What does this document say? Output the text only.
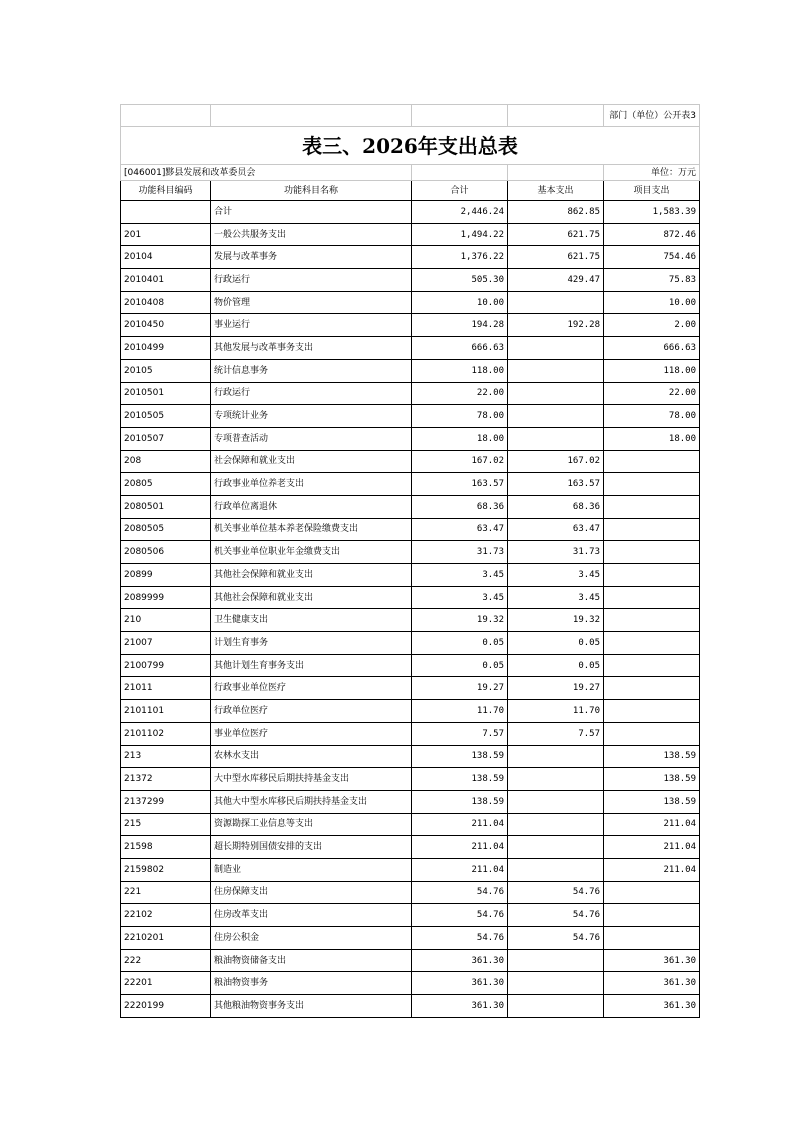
				部门（单位）公开表3
表三、2026年支出总表				
[046001]黟县发展和改革委员会				单位：万元
功能科目编码	功能科目名称	合计	基本支出	项目支出
	合计	2,446.24	862.85	1,583.39
201	一般公共服务支出	1,494.22	621.75	872.46
20104	发展与改革事务	1,376.22	621.75	754.46
2010401	行政运行	505.30	429.47	75.83
2010408	物价管理	10.00		10.00
2010450	事业运行	194.28	192.28	2.00
2010499	其他发展与改革事务支出	666.63		666.63
20105	统计信息事务	118.00		118.00
2010501	行政运行	22.00		22.00
2010505	专项统计业务	78.00		78.00
2010507	专项普查活动	18.00		18.00
208	社会保障和就业支出	167.02	167.02	
20805	行政事业单位养老支出	163.57	163.57	
2080501	行政单位离退休	68.36	68.36	
2080505	机关事业单位基本养老保险缴费支出	63.47	63.47	
2080506	机关事业单位职业年金缴费支出	31.73	31.73	
20899	其他社会保障和就业支出	3.45	3.45	
2089999	其他社会保障和就业支出	3.45	3.45	
210	卫生健康支出	19.32	19.32	
21007	计划生育事务	0.05	0.05	
2100799	其他计划生育事务支出	0.05	0.05	
21011	行政事业单位医疗	19.27	19.27	
2101101	行政单位医疗	11.70	11.70	
2101102	事业单位医疗	7.57	7.57	
213	农林水支出	138.59		138.59
21372	大中型水库移民后期扶持基金支出	138.59		138.59
2137299	其他大中型水库移民后期扶持基金支出	138.59		138.59
215	资源勘探工业信息等支出	211.04		211.04
21598	超长期特别国债安排的支出	211.04		211.04
2159802	制造业	211.04		211.04
221	住房保障支出	54.76	54.76	
22102	住房改革支出	54.76	54.76	
2210201	住房公积金	54.76	54.76	
222	粮油物资储备支出	361.30		361.30
22201	粮油物资事务	361.30		361.30
2220199	其他粮油物资事务支出	361.30		361.30
